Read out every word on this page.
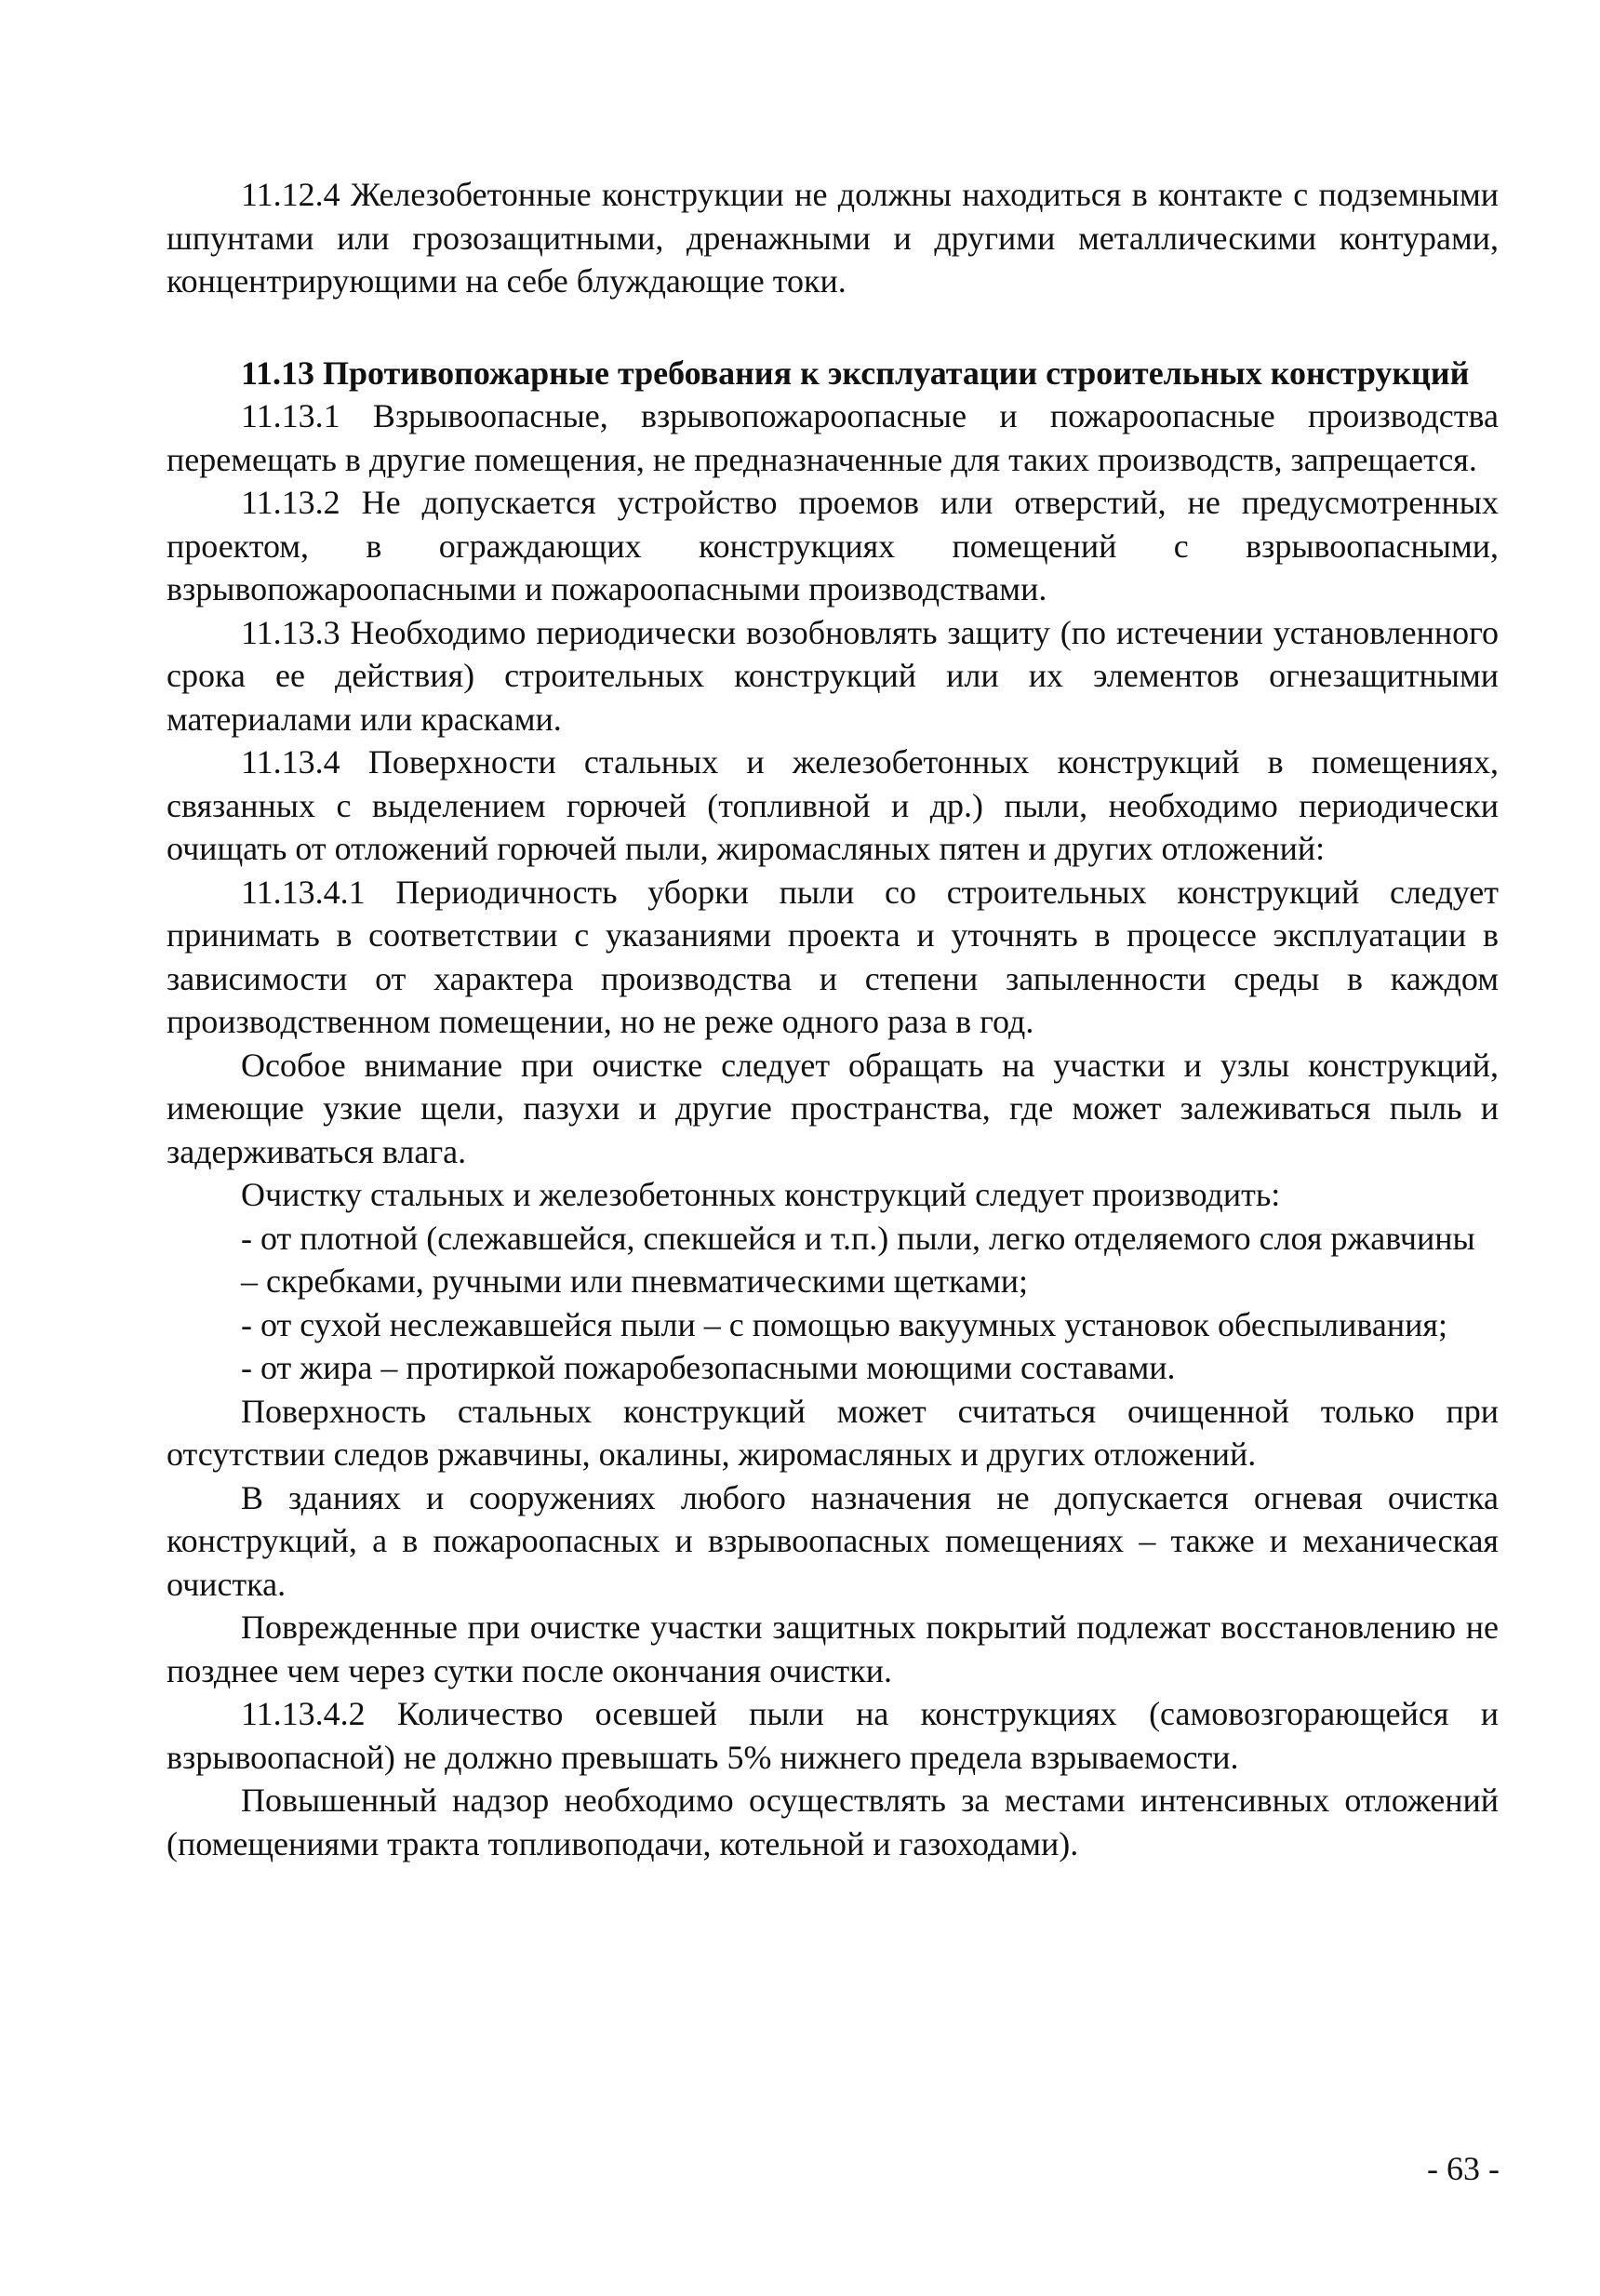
11.12.4 Железобетонные конструкции не должны находиться в контакте с подземными шпунтами или грозозащитными, дренажными и другими металлическими контурами, концентрирующими на себе блуждающие токи.

11.13 Противопожарные требования к эксплуатации строительных конструкций

11.13.1 Взрывоопасные, взрывопожароопасные и пожароопасные производства перемещать в другие помещения, не предназначенные для таких производств, запрещается.

11.13.2 Не допускается устройство проемов или отверстий, не предусмотренных проектом, в ограждающих конструкциях помещений с взрывоопасными, взрывопожароопасными и пожароопасными производствами.

11.13.3 Необходимо периодически возобновлять защиту (по истечении установленного срока ее действия) строительных конструкций или их элементов огнезащитными материалами или красками.

11.13.4 Поверхности стальных и железобетонных конструкций в помещениях, связанных с выделением горючей (топливной и др.) пыли, необходимо периодически очищать от отложений горючей пыли, жиромасляных пятен и других отложений:

11.13.4.1 Периодичность уборки пыли со строительных конструкций следует принимать в соответствии с указаниями проекта и уточнять в процессе эксплуатации в зависимости от характера производства и степени запыленности среды в каждом производственном помещении, но не реже одного раза в год.

Особое внимание при очистке следует обращать на участки и узлы конструкций, имеющие узкие щели, пазухи и другие пространства, где может залеживаться пыль и задерживаться влага.

Очистку стальных и железобетонных конструкций следует производить:

- от плотной (слежавшейся, спекшейся и т.п.) пыли, легко отделяемого слоя ржавчины – скребками, ручными или пневматическими щетками;
- от сухой неслежавшейся пыли – с помощью вакуумных установок обеспыливания;
- от жира – протиркой пожаробезопасными моющими составами.

Поверхность стальных конструкций может считаться очищенной только при отсутствии следов ржавчины, окалины, жиромасляных и других отложений.

В зданиях и сооружениях любого назначения не допускается огневая очистка конструкций, а в пожароопасных и взрывоопасных помещениях – также и механическая очистка.

Поврежденные при очистке участки защитных покрытий подлежат восстановлению не позднее чем через сутки после окончания очистки.

11.13.4.2 Количество осевшей пыли на конструкциях (самовозгорающейся и взрывоопасной) не должно превышать 5% нижнего предела взрываемости.

Повышенный надзор необходимо осуществлять за местами интенсивных отложений (помещениями тракта топливоподачи, котельной и газоходами).

- 63 -
